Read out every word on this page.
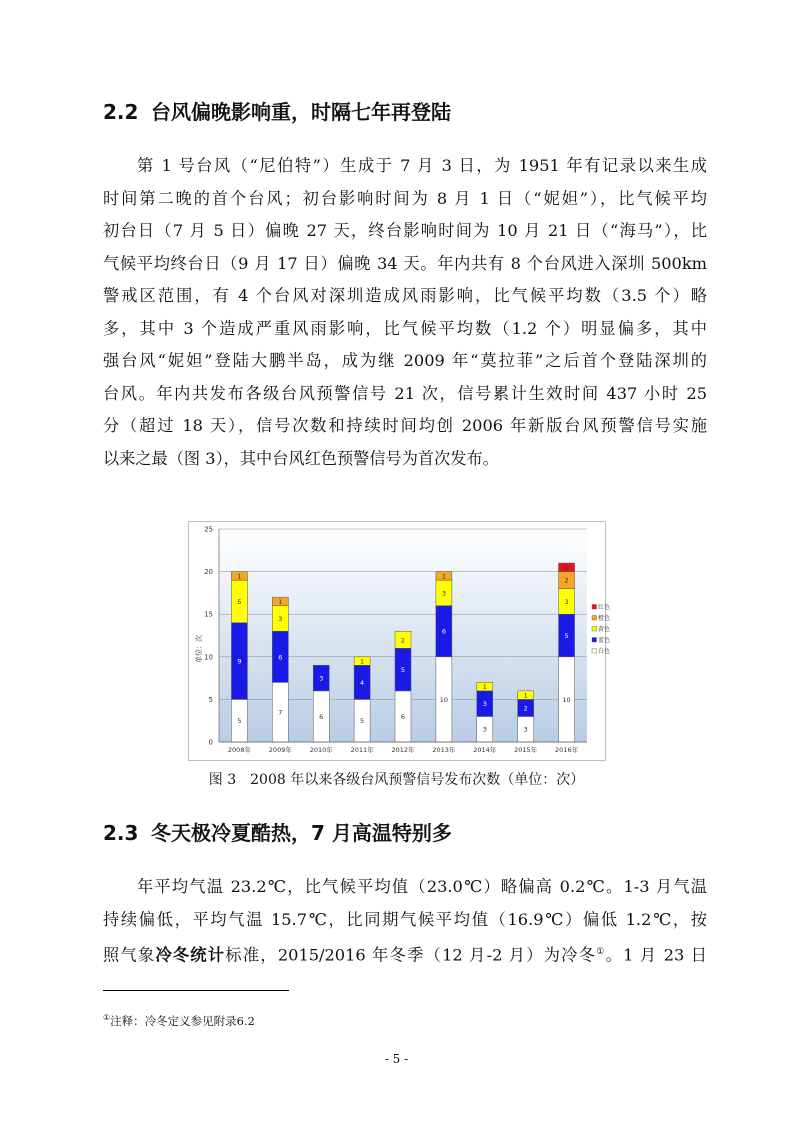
2.2 台风偏晚影响重，时隔七年再登陆

第 1 号台风（“尼伯特”）生成于 7 月 3 日，为 1951 年有记录以来生成

时间第二晚的首个台风；初台影响时间为 8 月 1 日（“妮妲”），比气候平均

初台日（7 月 5 日）偏晚 27 天，终台影响时间为 10 月 21 日（“海马”），比

气候平均终台日（9 月 17 日）偏晚 34 天。年内共有 8 个台风进入深圳 500km

警戒区范围，有 4 个台风对深圳造成风雨影响，比气候平均数（3.5 个）略

多，其中 3 个造成严重风雨影响，比气候平均数（1.2 个）明显偏多，其中

强台风“妮妲”登陆大鹏半岛，成为继 2009 年“莫拉菲”之后首个登陆深圳的

台风。年内共发布各级台风预警信号 21 次，信号累计生效时间 437 小时 25

分（超过 18 天），信号次数和持续时间均创 2006 年新版台风预警信号实施

以来之最（图 3），其中台风红色预警信号为首次发布。

5
9
5
1
7
6
3
1
6
3
5
4
1
6
5
2
10
6
3
1
3
3
1
3
2
1
10
5
3
2
1
0
5
10
15
20
25
2008年	2009年	2010年	2011年	2012年	2013年	2014年	2015年	2016年
红色
橙色
黄色
蓝色
白色
单位：次
图 3　2008 年以来各级台风预警信号发布次数（单位：次）
2.3 冬天极冷夏酷热，7 月高温特别多

年平均气温 23.2℃，比气候平均值（23.0℃）略偏高 0.2℃。1-3 月气温

持续偏低，平均气温 15.7℃，比同期气候平均值（16.9℃）偏低 1.2℃，按

照气象冷冬统计标准，2015/2016 年冬季（12 月-2 月）为冷冬①。1 月 23 日

①注释：冷冬定义参见附录6.2
- 5 -
